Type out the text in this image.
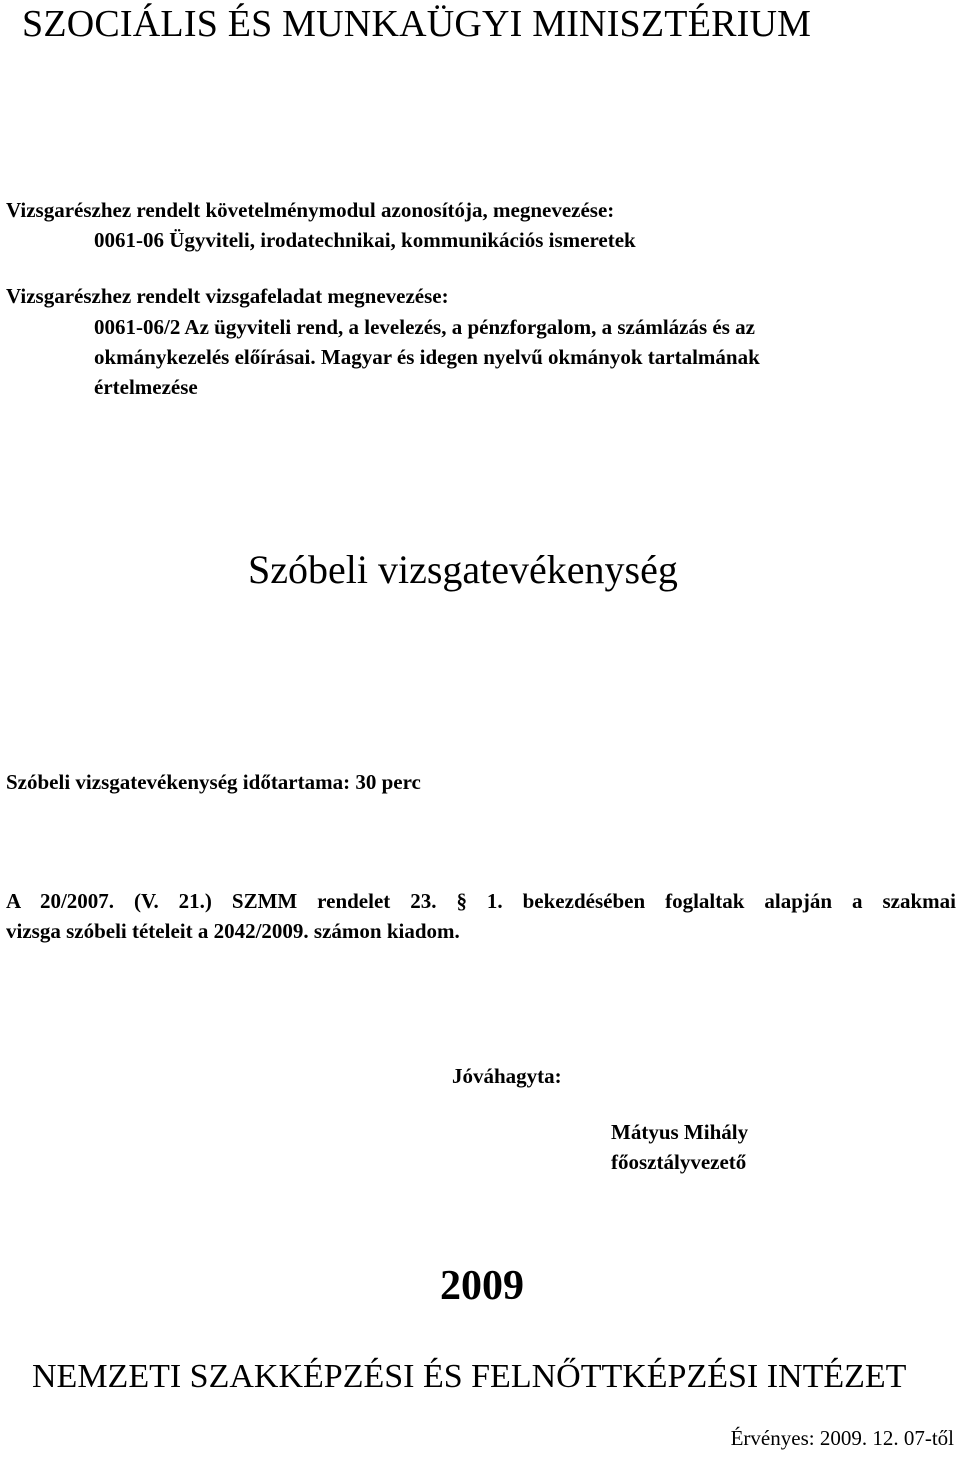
SZOCIÁLIS ÉS MUNKAÜGYI MINISZTÉRIUM

Vizsgarészhez rendelt követelménymodul azonosítója, megnevezése:

0061-06 Ügyviteli, irodatechnikai, kommunikációs ismeretek

Vizsgarészhez rendelt vizsgafeladat megnevezése:

0061-06/2 Az ügyviteli rend, a levelezés, a pénzforgalom, a számlázás és az

okmánykezelés előírásai. Magyar és idegen nyelvű okmányok tartalmának

értelmezése

Szóbeli vizsgatevékenység

Szóbeli vizsgatevékenység időtartama: 30 perc

A 20/2007. (V. 21.) SZMM rendelet 23. § 1. bekezdésében foglaltak alapján a szakmai
vizsga szóbeli tételeit a 2042/2009. számon kiadom.

Jóváhagyta:

Mátyus Mihály

főosztályvezető

2009
NEMZETI SZAKKÉPZÉSI ÉS FELNŐTTKÉPZÉSI INTÉZET
Érvényes: 2009. 12. 07-től
